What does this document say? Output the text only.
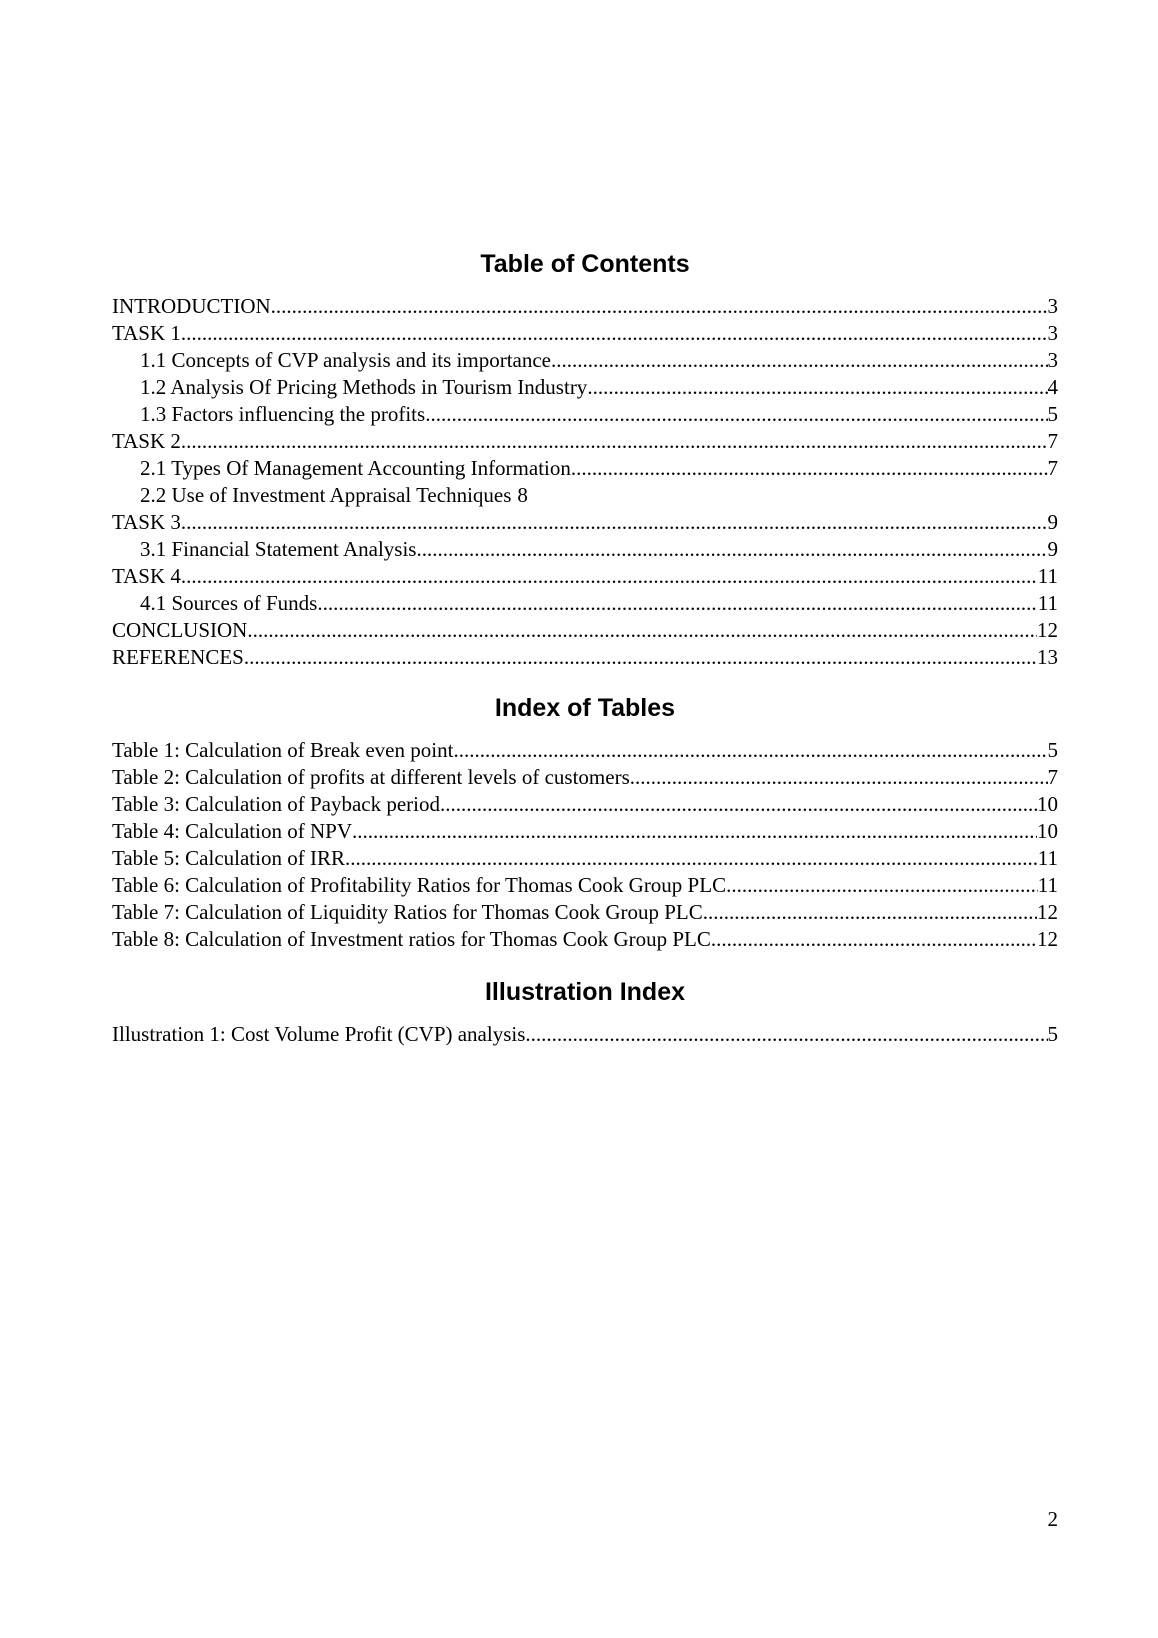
Table of Contents
INTRODUCTION .....	3
TASK 1 .....	3
1.1 Concepts of CVP analysis and its importance .....	3
1.2 Analysis Of Pricing Methods in Tourism Industry .....	4
1.3 Factors influencing the profits .....	5
TASK 2 .....	7
2.1 Types Of Management Accounting Information .....	7
2.2 Use of Investment Appraisal Techniques 8
TASK 3 .....	9
3.1 Financial Statement Analysis .....	9
TASK 4 .....	11
4.1 Sources of Funds .....	11
CONCLUSION .....	12
REFERENCES .....	13
Index of Tables
Table 1: Calculation of Break even point .....	5
Table 2: Calculation of profits at different levels of customers .....	7
Table 3: Calculation of Payback period .....	10
Table 4: Calculation of NPV .....	10
Table 5: Calculation of IRR .....	11
Table 6: Calculation of Profitability Ratios for Thomas Cook Group PLC .....	11
Table 7: Calculation of Liquidity Ratios for Thomas Cook Group PLC .....	12
Table 8: Calculation of Investment ratios for Thomas Cook Group PLC .....	12
Illustration Index
Illustration 1: Cost Volume Profit (CVP) analysis .....	5
2
